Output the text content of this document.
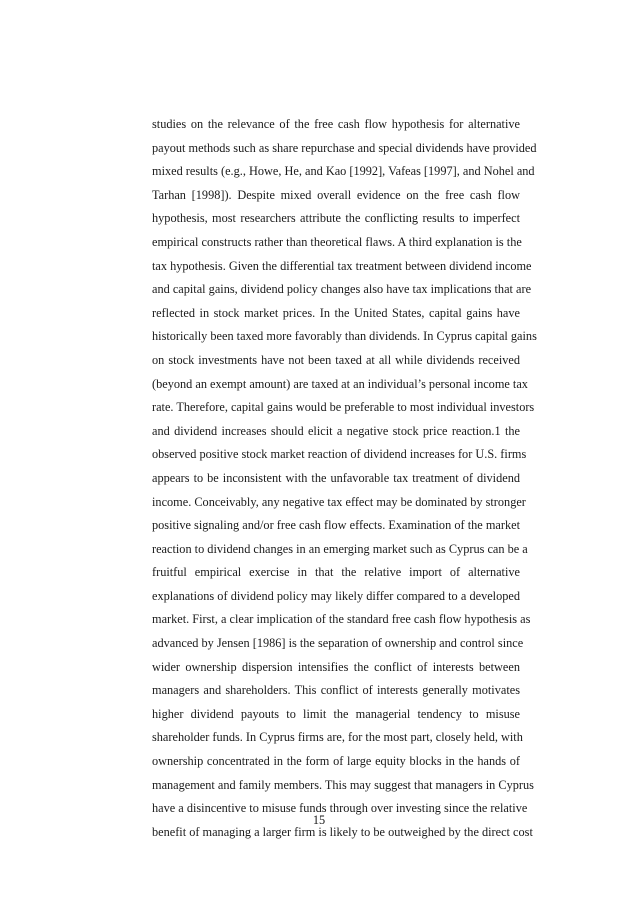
studies on the relevance of the free cash flow hypothesis for alternative
payout methods such as share repurchase and special dividends have provided
mixed results (e.g., Howe, He, and Kao [1992], Vafeas [1997], and Nohel and
Tarhan [1998]). Despite mixed overall evidence on the free cash flow
hypothesis, most researchers attribute the conflicting results to imperfect
empirical constructs rather than theoretical flaws. A third explanation is the
tax hypothesis. Given the differential tax treatment between dividend income
and capital gains, dividend policy changes also have tax implications that are
reflected in stock market prices. In the United States, capital gains have
historically been taxed more favorably than dividends. In Cyprus capital gains
on stock investments have not been taxed at all while dividends received
(beyond an exempt amount) are taxed at an individual’s personal income tax
rate. Therefore, capital gains would be preferable to most individual investors
and dividend increases should elicit a negative stock price reaction.1 the
observed positive stock market reaction of dividend increases for U.S. firms
appears to be inconsistent with the unfavorable tax treatment of dividend
income. Conceivably, any negative tax effect may be dominated by stronger
positive signaling and/or free cash flow effects. Examination of the market
reaction to dividend changes in an emerging market such as Cyprus can be a
fruitful empirical exercise in that the relative import of alternative
explanations of dividend policy may likely differ compared to a developed
market. First, a clear implication of the standard free cash flow hypothesis as
advanced by Jensen [1986] is the separation of ownership and control since
wider ownership dispersion intensifies the conflict of interests between
managers and shareholders. This conflict of interests generally motivates
higher dividend payouts to limit the managerial tendency to misuse
shareholder funds. In Cyprus firms are, for the most part, closely held, with
ownership concentrated in the form of large equity blocks in the hands of
management and family members. This may suggest that managers in Cyprus
have a disincentive to misuse funds through over investing since the relative
benefit of managing a larger firm is likely to be outweighed by the direct cost
15
